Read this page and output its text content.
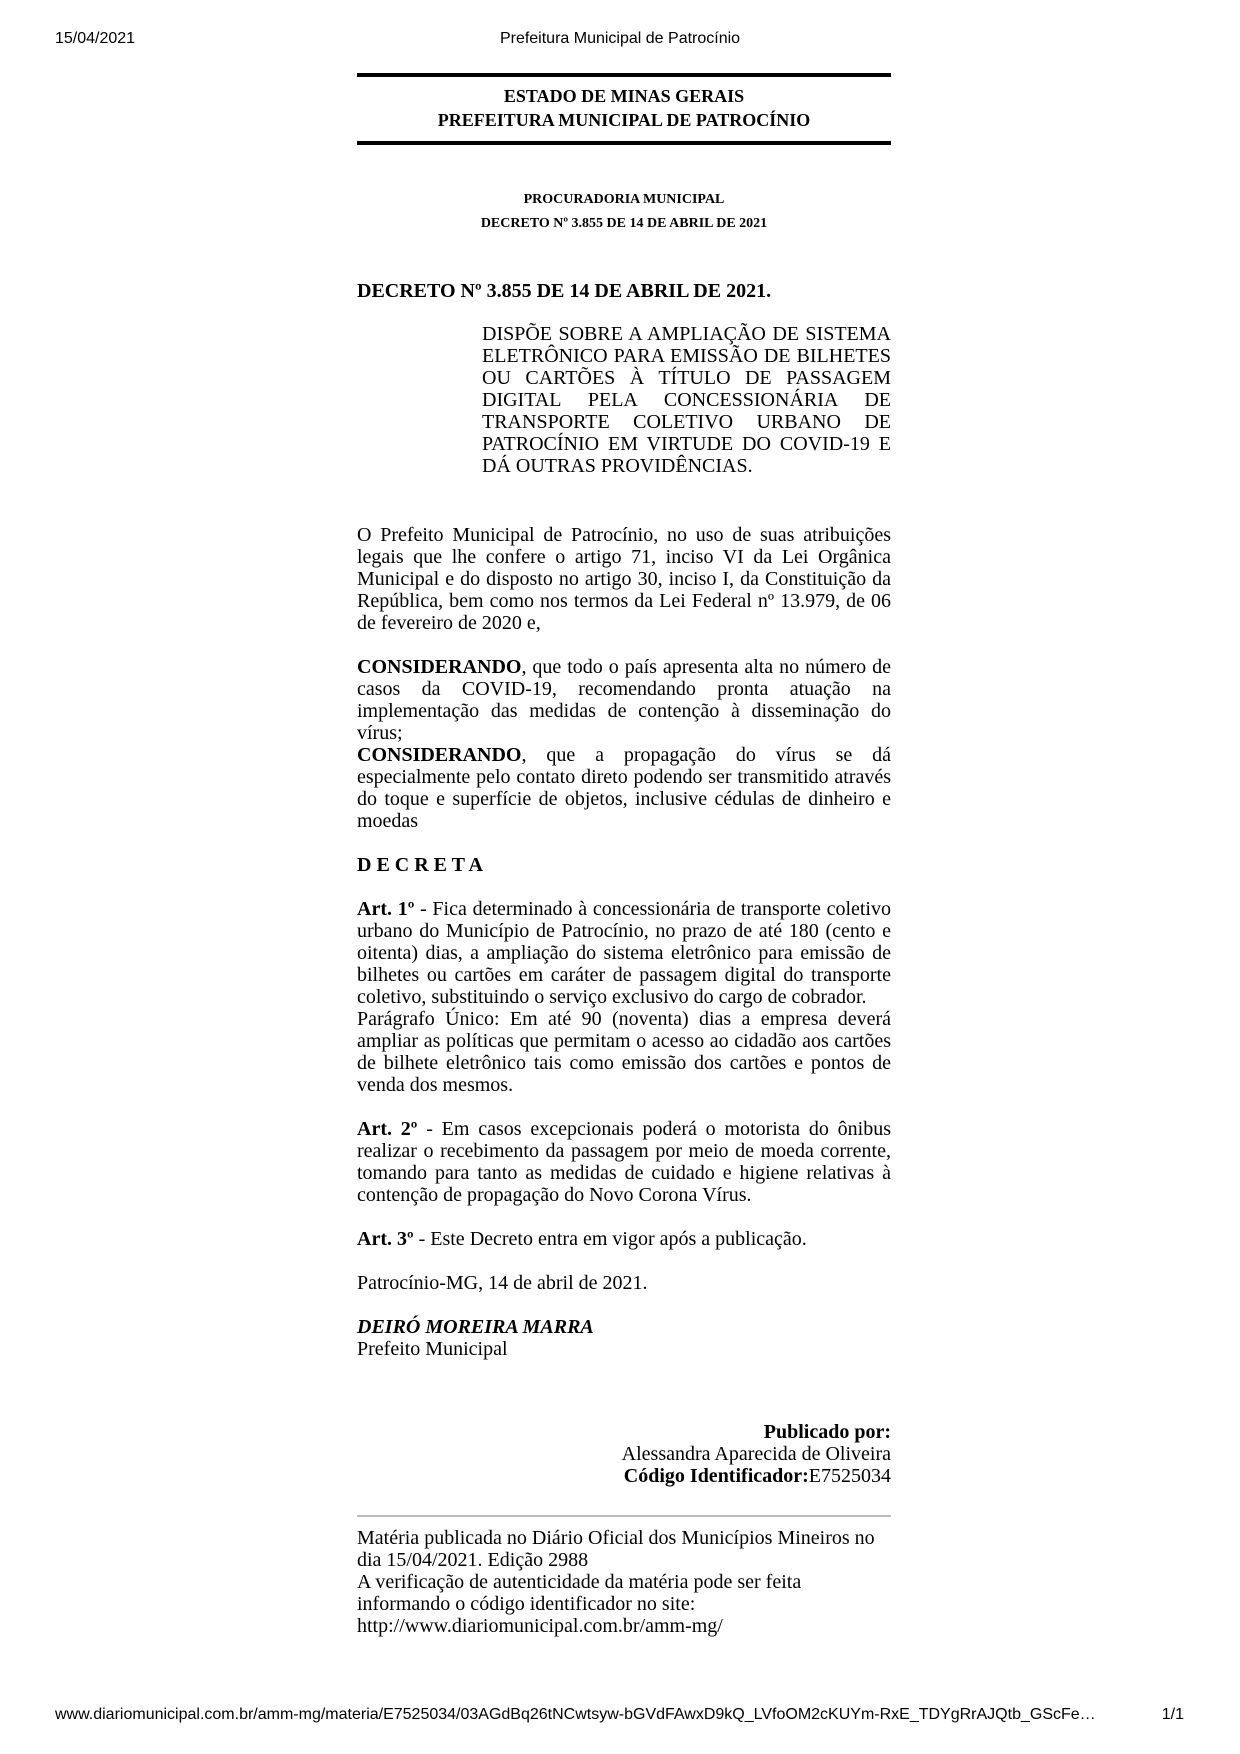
15/04/2021	Prefeitura Municipal de Patrocínio
ESTADO DE MINAS GERAIS
PREFEITURA MUNICIPAL DE PATROCÍNIO
PROCURADORIA MUNICIPAL
DECRETO Nº 3.855 DE 14 DE ABRIL DE 2021
DECRETO Nº 3.855 DE 14 DE ABRIL DE 2021.
DISPÕE SOBRE A AMPLIAÇÃO DE SISTEMA ELETRÔNICO PARA EMISSÃO DE BILHETES OU CARTÕES À TÍTULO DE PASSAGEM DIGITAL PELA CONCESSIONÁRIA DE TRANSPORTE COLETIVO URBANO DE PATROCÍNIO EM VIRTUDE DO COVID-19 E DÁ OUTRAS PROVIDÊNCIAS.

O Prefeito Municipal de Patrocínio, no uso de suas atribuições legais que lhe confere o artigo 71, inciso VI da Lei Orgânica Municipal e do disposto no artigo 30, inciso I, da Constituição da República, bem como nos termos da Lei Federal nº 13.979, de 06 de fevereiro de 2020 e,

CONSIDERANDO, que todo o país apresenta alta no número de casos da COVID-19, recomendando pronta atuação na implementação das medidas de contenção à disseminação do vírus;

CONSIDERANDO, que a propagação do vírus se dá especialmente pelo contato direto podendo ser transmitido através do toque e superfície de objetos, inclusive cédulas de dinheiro e moedas

D E C R E T A

Art. 1º - Fica determinado à concessionária de transporte coletivo urbano do Município de Patrocínio, no prazo de até 180 (cento e oitenta) dias, a ampliação do sistema eletrônico para emissão de bilhetes ou cartões em caráter de passagem digital do transporte coletivo, substituindo o serviço exclusivo do cargo de cobrador.

Parágrafo Único: Em até 90 (noventa) dias a empresa deverá ampliar as políticas que permitam o acesso ao cidadão aos cartões de bilhete eletrônico tais como emissão dos cartões e pontos de venda dos mesmos.

Art. 2º - Em casos excepcionais poderá o motorista do ônibus realizar o recebimento da passagem por meio de moeda corrente, tomando para tanto as medidas de cuidado e higiene relativas à contenção de propagação do Novo Corona Vírus.

Art. 3º - Este Decreto entra em vigor após a publicação.

Patrocínio-MG, 14 de abril de 2021.

DEIRÓ MOREIRA MARRA

Prefeito Municipal

Publicado por:
Alessandra Aparecida de Oliveira
Código Identificador:E7525034
Matéria publicada no Diário Oficial dos Municípios Mineiros no dia 15/04/2021. Edição 2988
A verificação de autenticidade da matéria pode ser feita informando o código identificador no site:
http://www.diariomunicipal.com.br/amm-mg/
www.diariomunicipal.com.br/amm-mg/materia/E7525034/03AGdBq26tNCwtsyw-bGVdFAwxD9kQ_LVfoOM2cKUYm-RxE_TDYgRrAJQtb_GScFe…	1/1
